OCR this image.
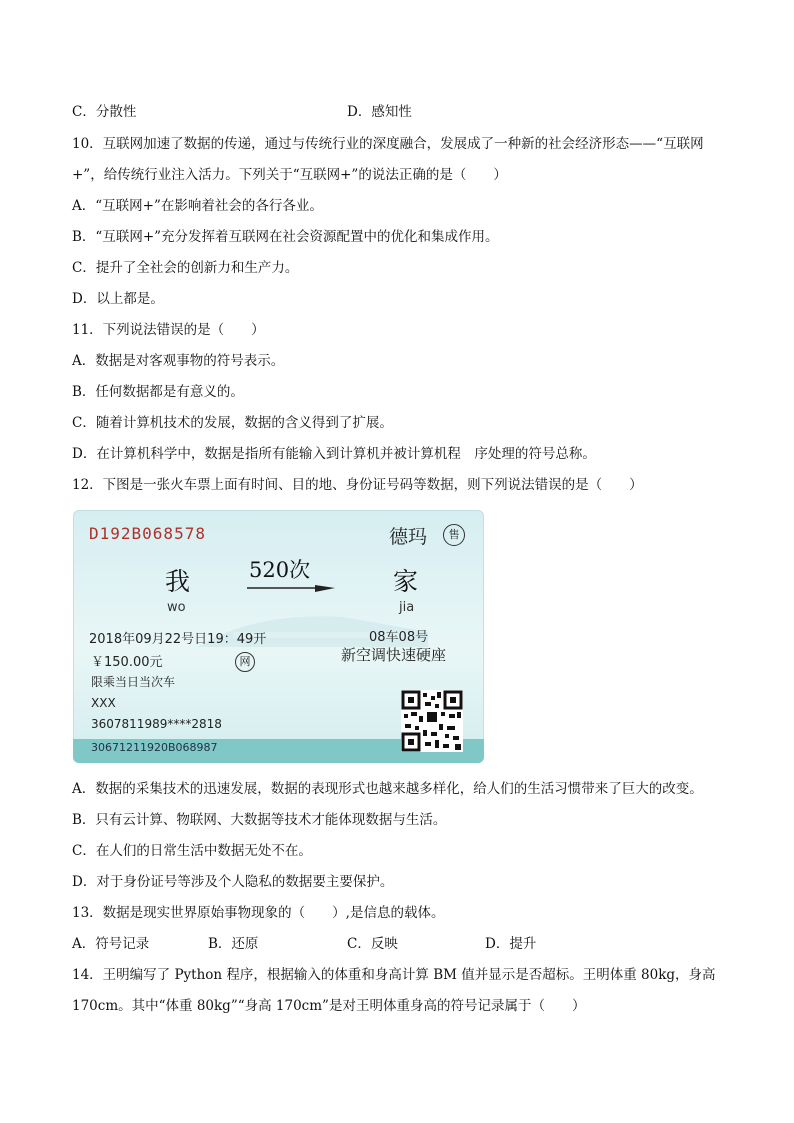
C．分散性	D．感知性
10．互联网加速了数据的传递，通过与传统行业的深度融合，发展成了一种新的社会经济形态——“互联网
+”，给传统行业注入活力。下列关于“互联网+”的说法正确的是（　　）
A．“互联网+”在影响着社会的各行各业。
B．“互联网+”充分发挥着互联网在社会资源配置中的优化和集成作用。
C．提升了全社会的创新力和生产力。
D．以上都是。
11．下列说法错误的是（　　）
A．数据是对客观事物的符号表示。
B．任何数据都是有意义的。
C．随着计算机技术的发展，数据的含义得到了扩展。
D．在计算机科学中，数据是指所有能输入到计算机并被计算机程　序处理的符号总称。
12．下图是一张火车票上面有时间、目的地、身份证号码等数据，则下列说法错误的是（　　）
D192B068578	德玛	售
我	520次	家
wo	jia
2018年09月22号日19：49开	08车08号
￥150.00元	网	新空调快速硬座
限乘当日当次车
XXX
3607811989****2818
30671211920B068987
A．数据的采集技术的迅速发展，数据的表现形式也越来越多样化，给人们的生活习惯带来了巨大的改变。
B．只有云计算、物联网、大数据等技术才能体现数据与生活。
C．在人们的日常生活中数据无处不在。
D．对于身份证号等涉及个人隐私的数据要主要保护。
13．数据是现实世界原始事物现象的（　　）,是信息的载体。
A．符号记录	B．还原	C．反映	D．提升
14．王明编写了 Python 程序，根据输入的体重和身高计算 BM 值并显示是否超标。王明体重 80kg，身高
170cm。其中“体重 80kg”“身高 170cm”是对王明体重身高的符号记录属于（　　）
